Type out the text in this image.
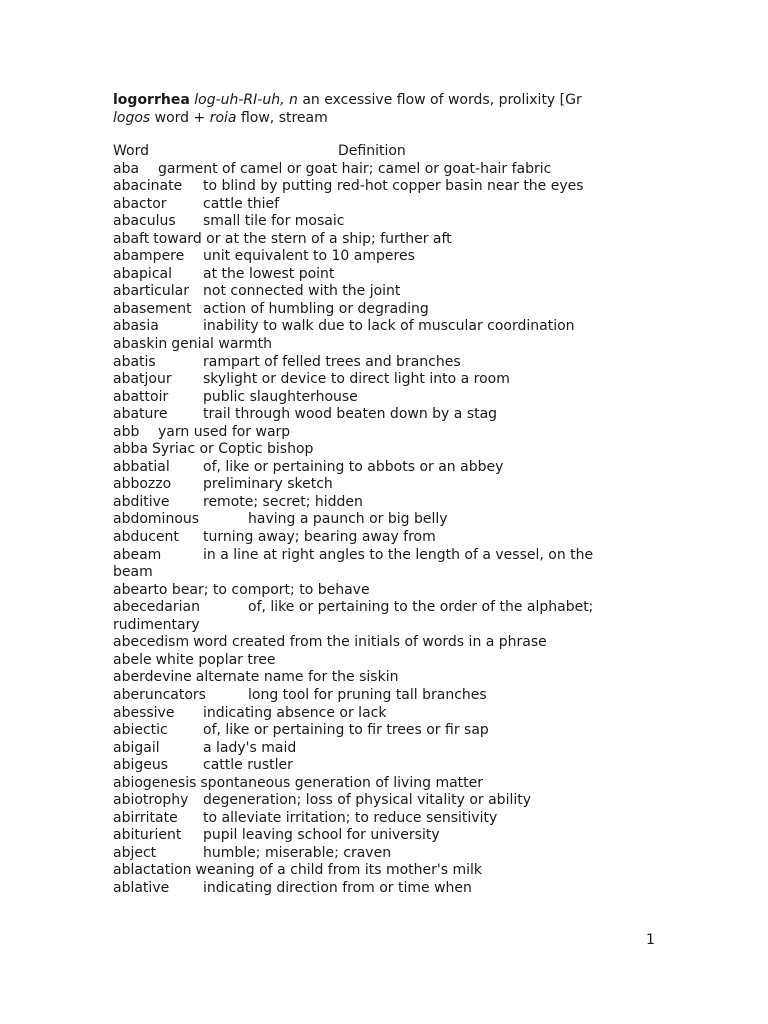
logorrhea log-uh-RI-uh, n an excessive flow of words, prolixity [Gr
logos word + roia flow, stream
Word	Definition
aba garment of camel or goat hair; camel or goat-hair fabric
abacinate to blind by putting red-hot copper basin near the eyes
abactor	cattle thief
abaculus small tile for mosaic
abaft toward or at the stern of a ship; further aft
abampere unit equivalent to 10 amperes
abapical at the lowest point
abarticular not connected with the joint
abasement action of humbling or degrading
abasia	inability to walk due to lack of muscular coordination
abaskin genial warmth
abatis	rampart of felled trees and branches
abatjour skylight or device to direct light into a room
abattoir public slaughterhouse
abature	trail through wood beaten down by a stag
abb yarn used for warp
abba Syriac or Coptic bishop
abbatial of, like or pertaining to abbots or an abbey
abbozzo preliminary sketch
abditive remote; secret; hidden
abdominous	having a paunch or big belly
abducent turning away; bearing away from
abeam	in a line at right angles to the length of a vessel, on the
beam
abearto bear; to comport; to behave
abecedarian	of, like or pertaining to the order of the alphabet;
rudimentary
abecedism word created from the initials of words in a phrase
abele white poplar tree
aberdevine alternate name for the siskin
aberuncators	long tool for pruning tall branches
abessive indicating absence or lack
abiectic	of, like or pertaining to fir trees or fir sap
abigail	a lady's maid
abigeus cattle rustler
abiogenesis spontaneous generation of living matter
abiotrophy degeneration; loss of physical vitality or ability
abirritate to alleviate irritation; to reduce sensitivity
abiturient pupil leaving school for university
abject	humble; miserable; craven
ablactation weaning of a child from its mother's milk
ablative indicating direction from or time when
1
